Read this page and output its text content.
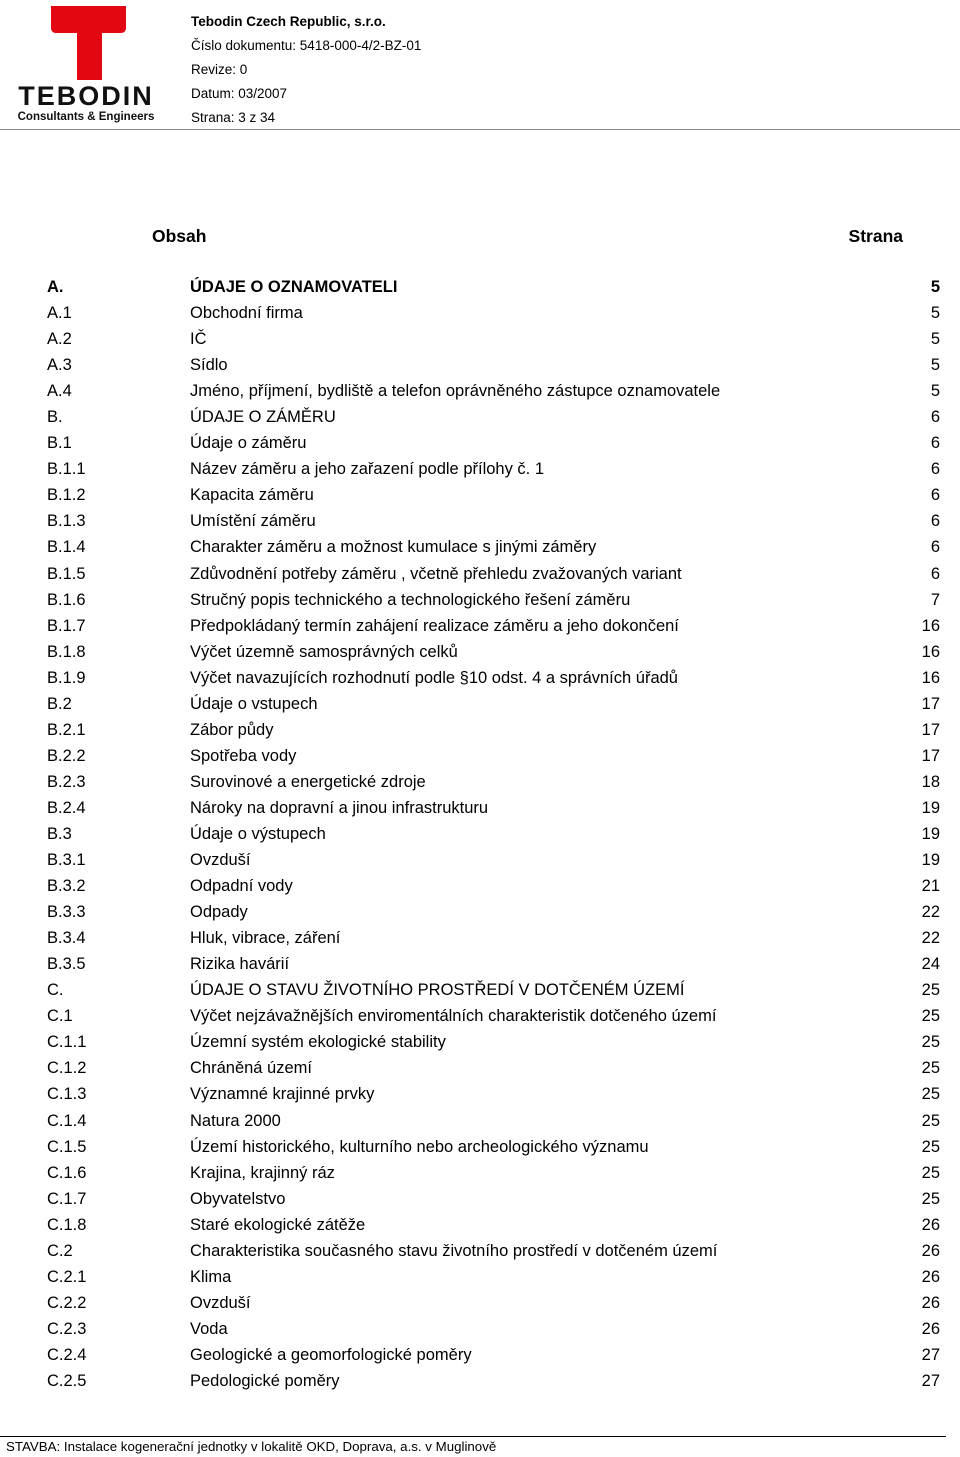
TEBODIN
Consultants & Engineers
Tebodin Czech Republic, s.r.o.
Číslo dokumentu: 5418-000-4/2-BZ-01
Revize: 0
Datum: 03/2007
Strana: 3 z 34
Obsah	Strana
A.	ÚDAJE O OZNAMOVATELI	5
A.1	Obchodní firma	5
A.2	IČ	5
A.3	Sídlo	5
A.4	Jméno, příjmení, bydliště a telefon oprávněného zástupce oznamovatele	5
B.	ÚDAJE O ZÁMĚRU	6
B.1	Údaje o záměru	6
B.1.1	Název záměru a jeho zařazení podle přílohy č. 1	6
B.1.2	Kapacita záměru	6
B.1.3	Umístění záměru	6
B.1.4	Charakter záměru a možnost kumulace s jinými záměry	6
B.1.5	Zdůvodnění potřeby záměru , včetně přehledu zvažovaných variant	6
B.1.6	Stručný popis technického a technologického řešení záměru	7
B.1.7	Předpokládaný termín zahájení realizace záměru a jeho dokončení	16
B.1.8	Výčet územně samosprávných celků	16
B.1.9	Výčet navazujících rozhodnutí podle §10 odst. 4 a správních úřadů	16
B.2	Údaje o vstupech	17
B.2.1	Zábor půdy	17
B.2.2	Spotřeba vody	17
B.2.3	Surovinové a energetické zdroje	18
B.2.4	Nároky na dopravní a jinou infrastrukturu	19
B.3	Údaje o výstupech	19
B.3.1	Ovzduší	19
B.3.2	Odpadní vody	21
B.3.3	Odpady	22
B.3.4	Hluk, vibrace, záření	22
B.3.5	Rizika havárií	24
C.	ÚDAJE O STAVU ŽIVOTNÍHO PROSTŘEDÍ V DOTČENÉM ÚZEMÍ	25
C.1	Výčet nejzávažnějších enviromentálních charakteristik dotčeného území	25
C.1.1	Územní systém ekologické stability	25
C.1.2	Chráněná území	25
C.1.3	Významné krajinné prvky	25
C.1.4	Natura 2000	25
C.1.5	Území historického, kulturního nebo archeologického významu	25
C.1.6	Krajina, krajinný ráz	25
C.1.7	Obyvatelstvo	25
C.1.8	Staré ekologické zátěže	26
C.2	Charakteristika současného stavu životního prostředí v dotčeném území	26
C.2.1	Klima	26
C.2.2	Ovzduší	26
C.2.3	Voda	26
C.2.4	Geologické a geomorfologické poměry	27
C.2.5	Pedologické poměry	27
STAVBA: Instalace kogenerační jednotky v lokalitě OKD, Doprava, a.s. v Muglinově
